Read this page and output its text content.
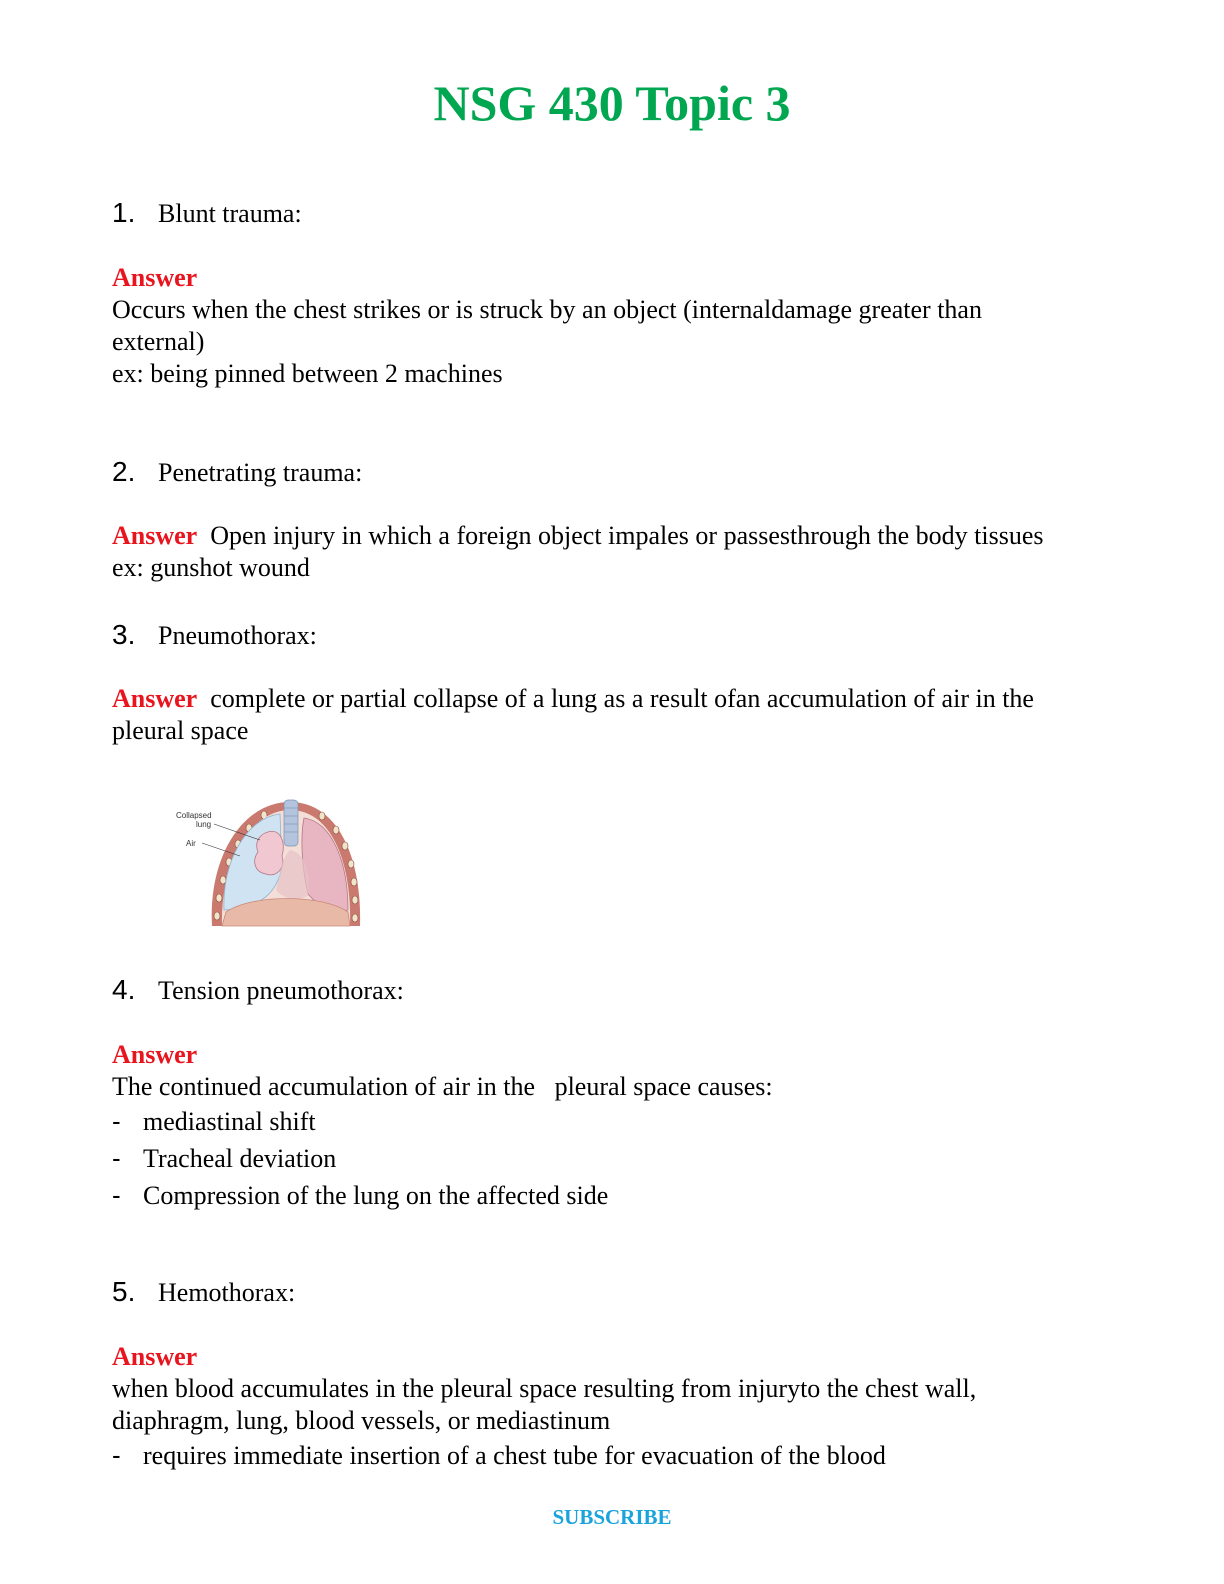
NSG 430 Topic 3
1. Blunt trauma:
Answer
Occurs when the chest strikes or is struck by an object (internaldamage greater than
external)
ex: being pinned between 2 machines
2. Penetrating trauma:
Answer Open injury in which a foreign object impales or passesthrough the body tissues
ex: gunshot wound
3. Pneumothorax:
Answer complete or partial collapse of a lung as a result ofan accumulation of air in the
pleural space
Collapsed
lung
Air
4. Tension pneumothorax:
Answer
The continued accumulation of air in the   pleural space causes:
- mediastinal shift
- Tracheal deviation
- Compression of the lung on the affected side
5. Hemothorax:
Answer
when blood accumulates in the pleural space resulting from injuryto the chest wall,
diaphragm, lung, blood vessels, or mediastinum
- requires immediate insertion of a chest tube for evacuation of the blood
SUBSCRIBE
